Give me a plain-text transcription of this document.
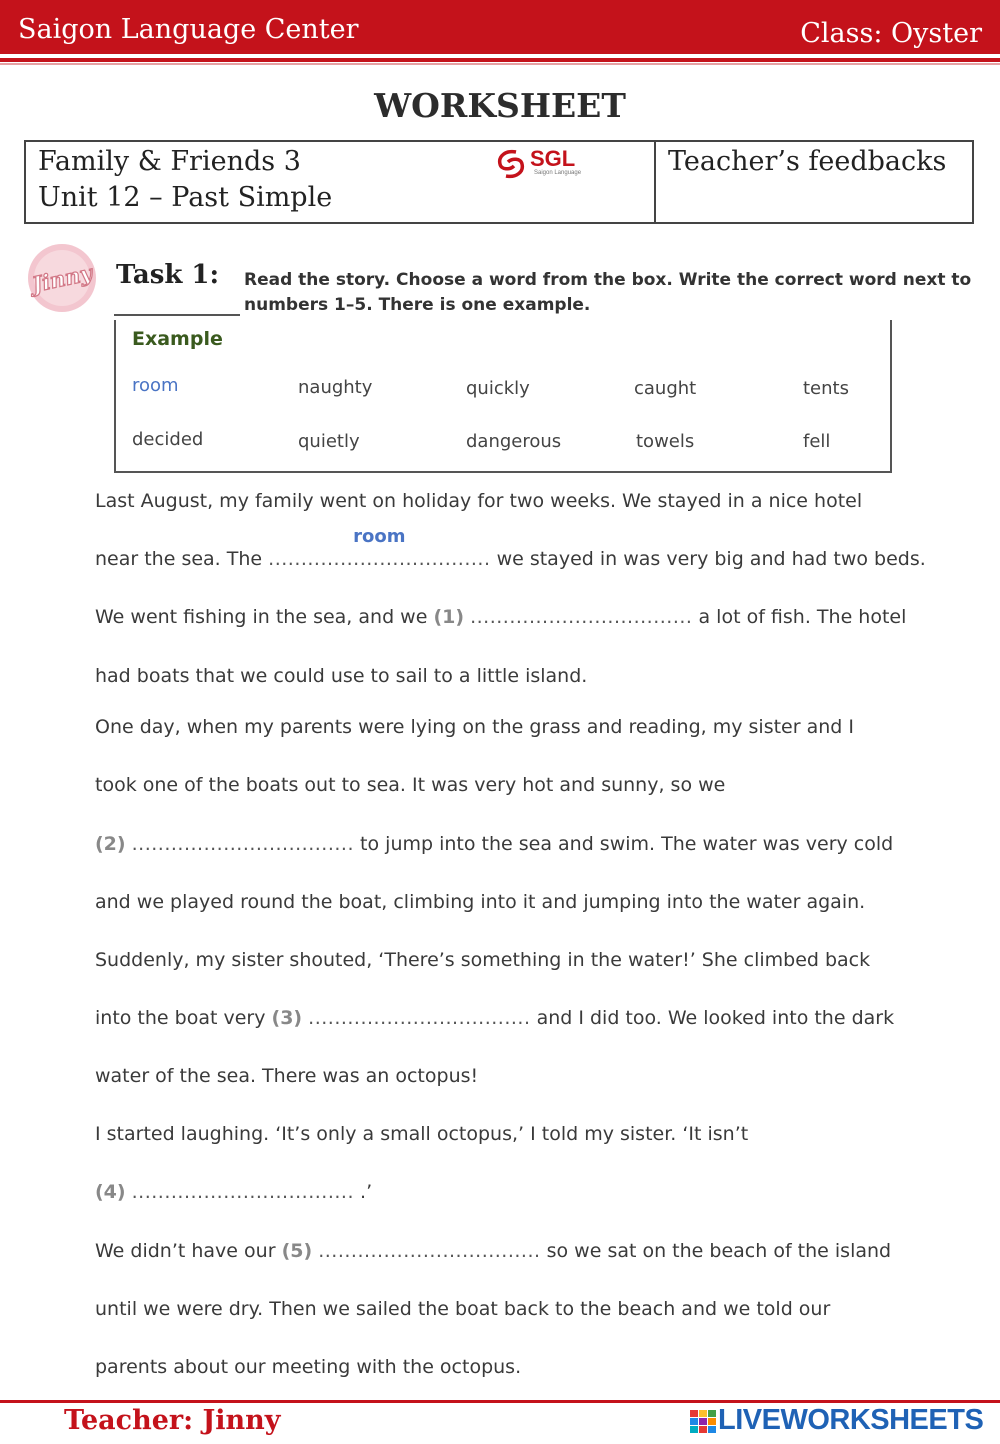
Saigon Language Center	Class: Oyster
WORKSHEET
Family & Friends 3
Unit 12 – Past Simple
Teacher’s feedbacks
SGL
Saigon Language
Jinny Task 1: Read the story. Choose a word from the box. Write the correct word next to numbers 1–5. There is one example.
Example
room	naughty	quickly	caught	tents
decided	quietly	dangerous	towels	fell
Last August, my family went on holiday for two weeks. We stayed in a nice hotel
near the sea. The
room
.................................. we stayed in was very big and had two beds.
We went fishing in the sea, and we (1) .................................. a lot of fish. The hotel
had boats that we could use to sail to a little island.
One day, when my parents were lying on the grass and reading, my sister and I
took one of the boats out to sea. It was very hot and sunny, so we
(2) .................................. to jump into the sea and swim. The water was very cold
and we played round the boat, climbing into it and jumping into the water again.
Suddenly, my sister shouted, ‘There’s something in the water!’ She climbed back
into the boat very (3) .................................. and I did too. We looked into the dark
water of the sea. There was an octopus!
I started laughing. ‘It’s only a small octopus,’ I told my sister. ‘It isn’t
(4) .................................. .’
We didn’t have our (5) .................................. so we sat on the beach of the island
until we were dry. Then we sailed the boat back to the beach and we told our
parents about our meeting with the octopus.
Teacher: Jinny	LIVEWORKSHEETS
